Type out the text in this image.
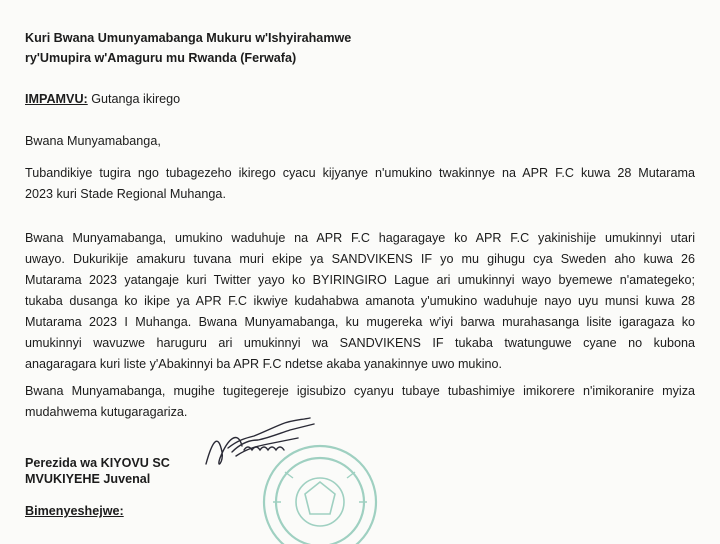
Kuri Bwana Umunyamabanga Mukuru w'Ishyirahamwe
ry'Umupira w'Amaguru mu Rwanda (Ferwafa)
IMPAMVU: Gutanga ikirego
Bwana Munyamabanga,
Tubandikiye tugira ngo tubagezeho ikirego cyacu kijyanye n'umukino twakinnye na APR F.C kuwa 28 Mutarama
2023 kuri Stade Regional Muhanga.
Bwana Munyamabanga, umukino waduhuje na APR F.C hagaragaye ko APR F.C yakinishije umukinnyi utari
uwayo. Dukurikije amakuru tuvana muri ekipe ya SANDVIKENS IF yo mu gihugu cya Sweden aho kuwa 26
Mutarama 2023 yatangaje kuri Twitter yayo ko BYIRINGIRO Lague ari umukinnyi wayo byemewe n'amategeko;
tukaba dusanga ko ikipe ya APR F.C ikwiye kudahabwa amanota y'umukino waduhuje nayo uyu munsi kuwa 28
Mutarama 2023 I Muhanga. Bwana Munyamabanga, ku mugereka w'iyi barwa murahasanga lisite igaragaza ko
umukinnyi wavuzwe haruguru ari umukinnyi wa SANDVIKENS IF tukaba twatunguwe cyane no kubona
anagaragara kuri liste y'Abakinnyi ba APR F.C ndetse akaba yanakinnye uwo mukino.
Bwana Munyamabanga, mugihe tugitegereje igisubizo cyanyu tubaye tubashimiye imikorere n'imikoranire myiza
mudahwema kutugaragariza.
Perezida wa KIYOVU SC
MVUKIYEHE Juvenal
Bimenyeshejwe:
